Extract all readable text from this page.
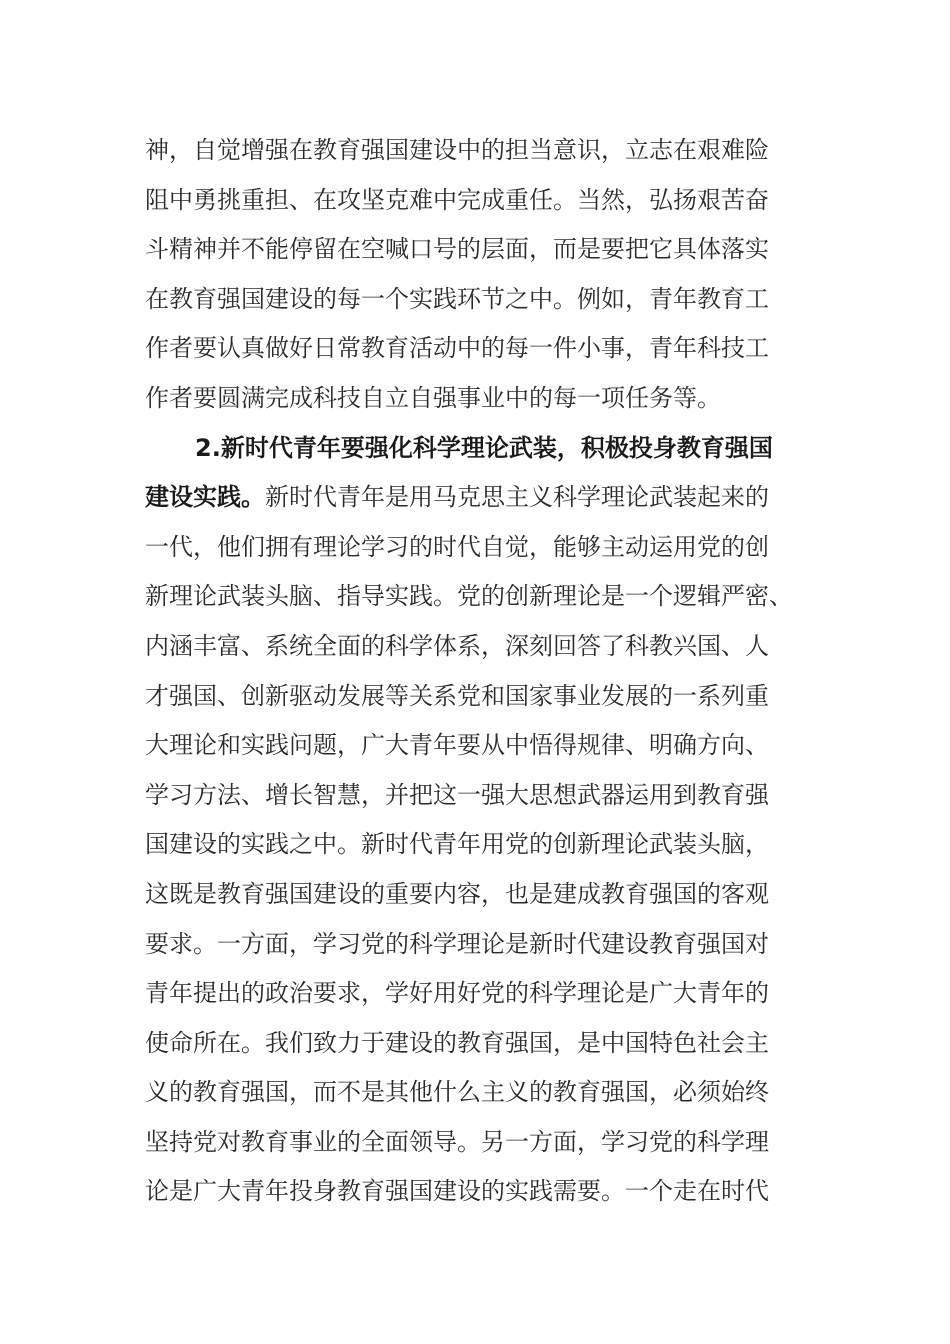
神，自觉增强在教育强国建设中的担当意识，立志在艰难险
阻中勇挑重担、在攻坚克难中完成重任。当然，弘扬艰苦奋
斗精神并不能停留在空喊口号的层面，而是要把它具体落实
在教育强国建设的每一个实践环节之中。例如，青年教育工
作者要认真做好日常教育活动中的每一件小事，青年科技工
作者要圆满完成科技自立自强事业中的每一项任务等。
2.新时代青年要强化科学理论武装，积极投身教育强国
建设实践。新时代青年是用马克思主义科学理论武装起来的
一代，他们拥有理论学习的时代自觉，能够主动运用党的创
新理论武装头脑、指导实践。党的创新理论是一个逻辑严密、
内涵丰富、系统全面的科学体系，深刻回答了科教兴国、人
才强国、创新驱动发展等关系党和国家事业发展的一系列重
大理论和实践问题，广大青年要从中悟得规律、明确方向、
学习方法、增长智慧，并把这一强大思想武器运用到教育强
国建设的实践之中。新时代青年用党的创新理论武装头脑，
这既是教育强国建设的重要内容，也是建成教育强国的客观
要求。一方面，学习党的科学理论是新时代建设教育强国对
青年提出的政治要求，学好用好党的科学理论是广大青年的
使命所在。我们致力于建设的教育强国，是中国特色社会主
义的教育强国，而不是其他什么主义的教育强国，必须始终
坚持党对教育事业的全面领导。另一方面，学习党的科学理
论是广大青年投身教育强国建设的实践需要。一个走在时代
